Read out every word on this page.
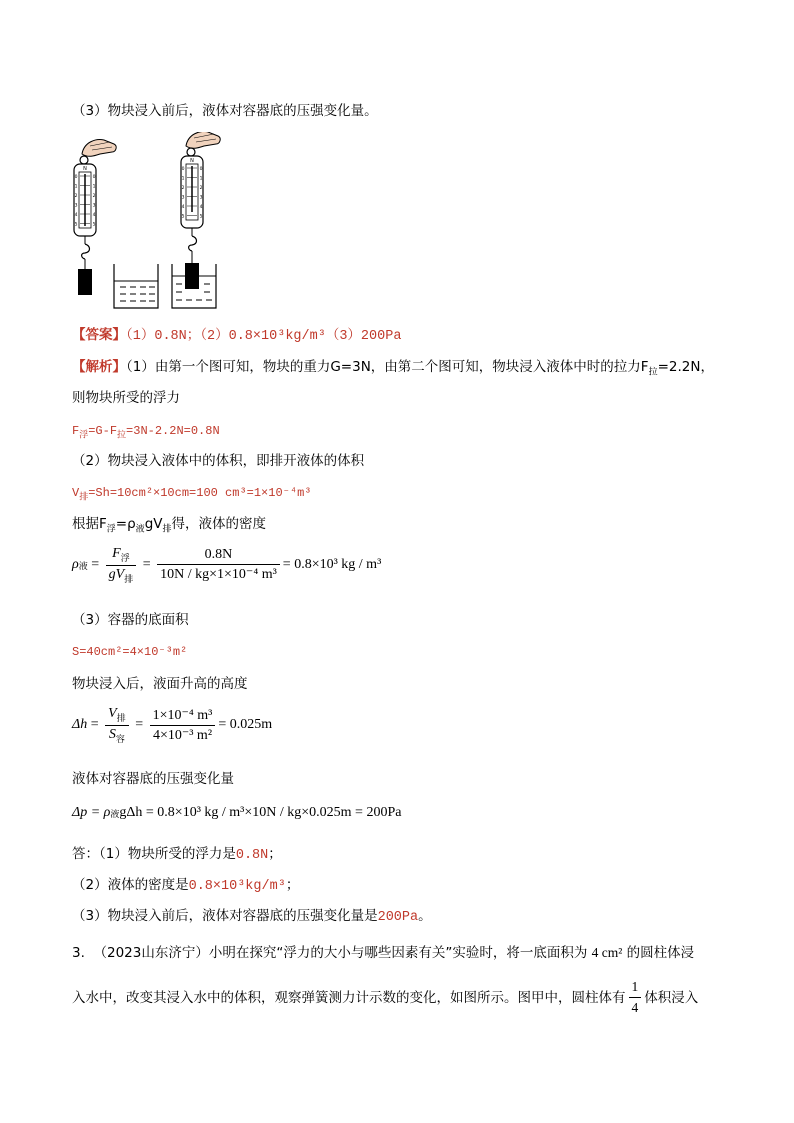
（3）物块浸入前后，液体对容器底的压强变化量。
N
0	0
1	1
2	2
3	3
4	4
5	5
N
0	0
1	1
2	2
3	3
4	4
5	5
【答案】（1）0.8N；（2）0.8×10³kg/m³（3）200Pa
【解析】（1）由第一个图可知，物块的重力G=3N，由第二个图可知，物块浸入液体中时的拉力$F_拉=2.2N$，
则物块所受的浮力
$F_浮=G-F_拉=3N-2.2N=0.8N$
（2）物块浸入液体中的体积，即排开液体的体积
$V_排=Sh=10cm^2\times 10cm=100$ cm³=1×10⁻⁴m³
根据$F_浮=\rho_液gV_排$得，液体的密度
ρ 液 = $\frac{F_浮}{gV_排} = \frac{0.8N}{\text{10N / kg×1×10⁻⁴ m³}} = 0.8\times 10^3$ kg / m³
（3）容器的底面积
S=40cm²=4×10⁻³m²
物块浸入后，液面升高的高度
$\Delta h = \frac{V_排}{S_容} = \frac{\text{1×10⁻⁴ m³}}{\text{4×10⁻³ m²}} = 0.025m$
液体对容器底的压强变化量
Δp = ρ 液 gΔh = 0.8×10³ kg / m³×10N / kg×0.025m = 200Pa
答：（1）物块所受的浮力是0.8N；
（2）液体的密度是0.8×10³kg/m³；
（3）物块浸入前后，液体对容器底的压强变化量是200Pa。
3. （2023山东济宁）小明在探究“浮力的大小与哪些因素有关”实验时，将一底面积为 4 cm² 的圆柱体浸
入水中，改变其浸入水中的体积，观察弹簧测力计示数的变化，如图所示。图甲中，圆柱体有 $\frac{1}{4}$ 体积浸入
